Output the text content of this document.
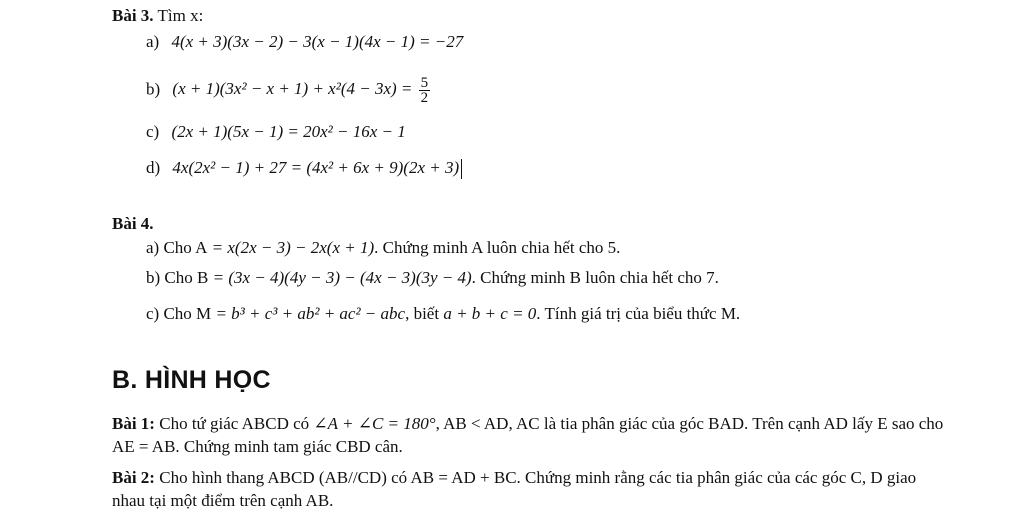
Bài 3. Tìm x:
a) 4(x + 3)(3x − 2) − 3(x − 1)(4x − 1) = −27
b) $(x + 1)(3x^2 - x + 1) + x^2(4 - 3x) = \frac{5}{2}$
c) (2x + 1)(5x − 1) = 20x² − 16x − 1
d) 4x(2x² − 1) + 27 = (4x² + 6x + 9)(2x + 3)
Bài 4.
a) Cho A = x(2x − 3) − 2x(x + 1). Chứng minh A luôn chia hết cho 5.
b) Cho B = (3x − 4)(4y − 3) − (4x − 3)(3y − 4). Chứng minh B luôn chia hết cho 7.
c) Cho M = b³ + c³ + ab² + ac² − abc, biết a + b + c = 0. Tính giá trị của biểu thức M.
B. HÌNH HỌC
Bài 1: Cho tứ giác ABCD có ∠A + ∠C = 180°, AB < AD, AC là tia phân giác của góc BAD. Trên cạnh AD lấy E sao cho AE = AB. Chứng minh tam giác CBD cân.
Bài 2: Cho hình thang ABCD (AB//CD) có AB = AD + BC. Chứng minh rằng các tia phân giác của các góc C, D giao nhau tại một điểm trên cạnh AB.
